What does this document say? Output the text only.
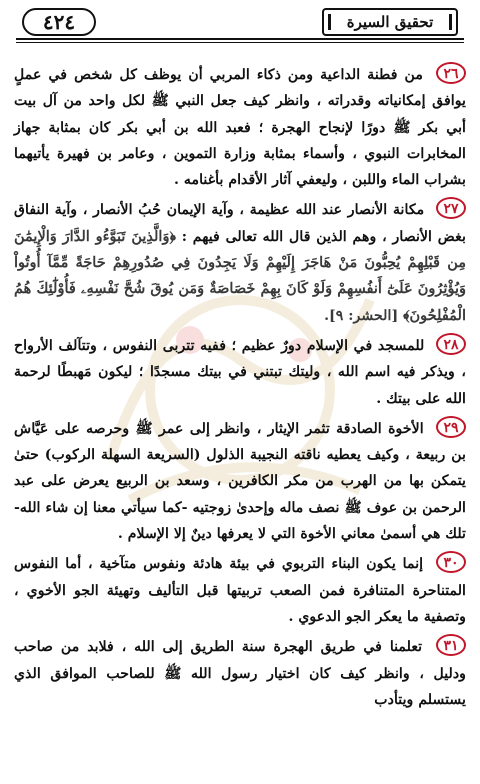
تحقيق السيرة
٤٢٤

٢٦ من فطنة الداعية ومن ذكاء المربي أن يوظف كل شخص في عملٍ يوافق إمكانياته وقدراته ، وانظر كيف جعل النبي ﷺ لكل واحد من آل بيت أبي بكر ﷺ دورًا لإنجاح الهجرة ؛ فعبد الله بن أبي بكر كان بمثابة جهاز المخابرات النبوي ، وأسماء بمثابة وزارة التموين ، وعامر بن فهيرة يأتيهما بشراب الماء واللبن ، وليعفي آثار الأقدام بأغنامه .

٢٧ مكانة الأنصار عند الله عظيمة ، وآية الإيمان حُبُ الأنصار ، وآية النفاق بغض الأنصار ، وهم الذين قال الله تعالى فيهم : ﴿وَالَّذِينَ تَبَوَّءُو الدَّارَ وَالْإِيمَٰنَ مِن قَبْلِهِمْ يُحِبُّونَ مَنْ هَاجَرَ إِلَيْهِمْ وَلَا يَجِدُونَ فِي صُدُورِهِمْ حَاجَةً مِّمَّآ أُوتُواْ وَيُؤْثِرُونَ عَلَىٰٓ أَنفُسِهِمْ وَلَوْ كَانَ بِهِمْ خَصَاصَةٌ وَمَن يُوقَ شُحَّ نَفْسِهِۦ فَأُوْلَٰٓئِكَ هُمُ الْمُفْلِحُونَ﴾ [الحشر: ٩].

٢٨ للمسجد في الإسلام دورٌ عظيم ؛ ففيه تتربى النفوس ، وتتآلف الأرواح ، ويذكر فيه اسم الله ، وليتك تبتني في بيتك مسجدًا ؛ ليكون مَهبطًا لرحمة الله على بيتك .

٢٩ الأخوة الصادقة تثمر الإيثار ، وانظر إلى عمر ﷺ وحرصه على عَيَّاش بن ربيعة ، وكيف يعطيه ناقته النجيبة الذلول (السريعة السهلة الركوب) حتىٰ يتمكن بها من الهرب من مكر الكافرين ، وسعد بن الربيع يعرض على عبد الرحمن بن عوف ﷺ نصف ماله وإحدىٰ زوجتيه -كما سيأتي معنا إن شاء الله- تلك هي أسمىٰ معاني الأخوة التي لا يعرفها دينٌ إلا الإسلام .

٣٠ إنما يكون البناء التربوي في بيئة هادئة ونفوس متآخية ، أما النفوس المتناحرة المتنافرة فمن الصعب تربيتها قبل التأليف وتهيئة الجو الأخوي ، وتصفية ما يعكر الجو الدعوي .

٣١ تعلمنا في طريق الهجرة سنة الطريق إلى الله ، فلابد من صاحب ودليل ، وانظر كيف كان اختيار رسول الله ﷺ للصاحب الموافق الذي يستسلم ويتأدب
